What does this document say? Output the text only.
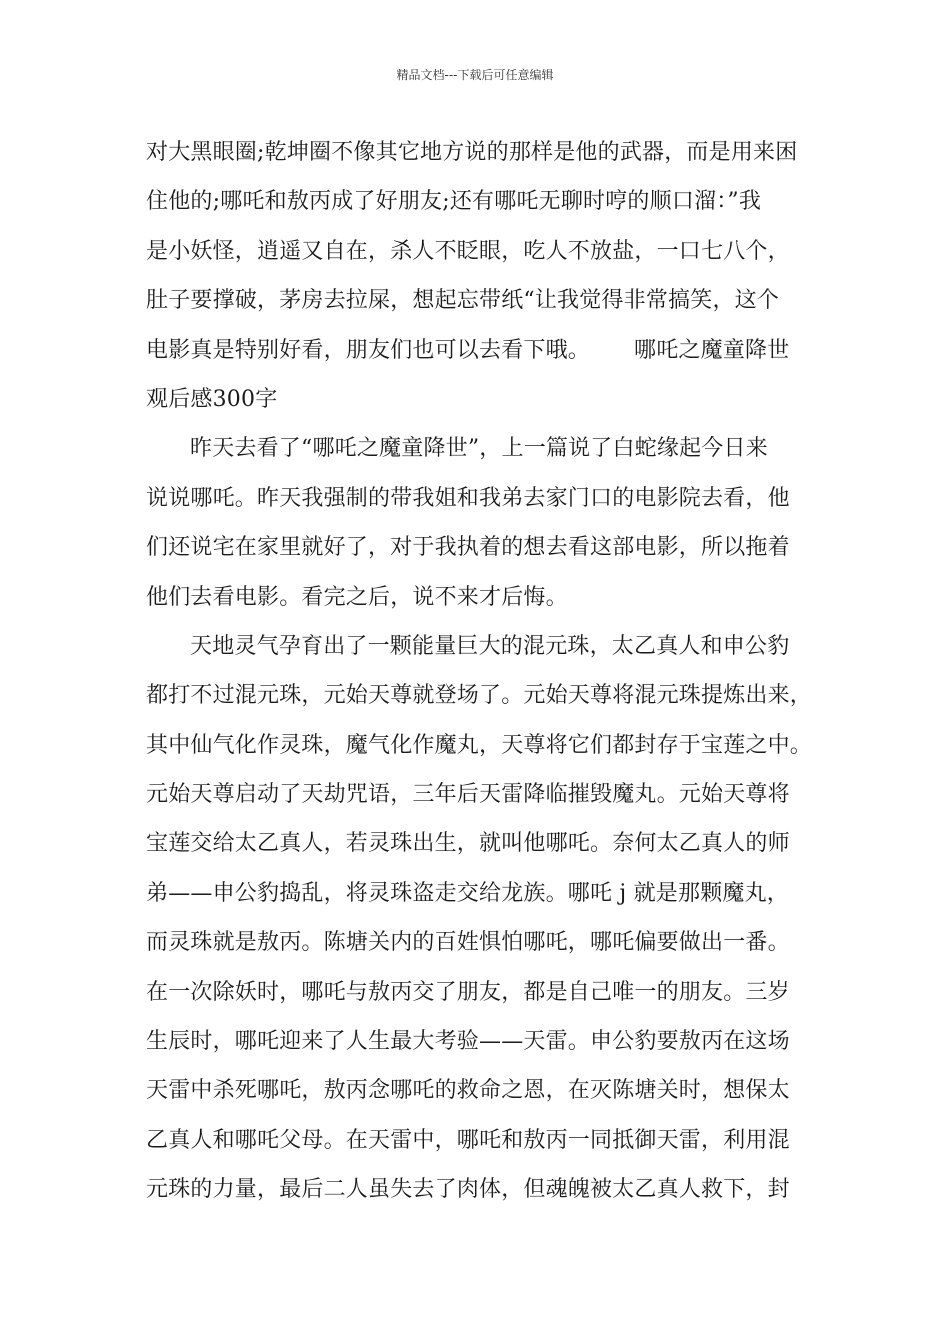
精品文档---下载后可任意编辑
对大黑眼圈;乾坤圈不像其它地方说的那样是他的武器，而是用来困
住他的;哪吒和敖丙成了好朋友;还有哪吒无聊时哼的顺口溜：”我
是小妖怪，逍遥又自在，杀人不眨眼，吃人不放盐，一口七八个，
肚子要撑破，茅房去拉屎，想起忘带纸“让我觉得非常搞笑，这个
电影真是特别好看，朋友们也可以去看下哦。 哪吒之魔童降世
观后感300字
昨天去看了“哪吒之魔童降世”，上一篇说了白蛇缘起今日来
说说哪吒。昨天我强制的带我姐和我弟去家门口的电影院去看，他
们还说宅在家里就好了，对于我执着的想去看这部电影，所以拖着
他们去看电影。看完之后，说不来才后悔。
天地灵气孕育出了一颗能量巨大的混元珠，太乙真人和申公豹
都打不过混元珠，元始天尊就登场了。元始天尊将混元珠提炼出来，
其中仙气化作灵珠，魔气化作魔丸，天尊将它们都封存于宝莲之中。
元始天尊启动了天劫咒语，三年后天雷降临摧毁魔丸。元始天尊将
宝莲交给太乙真人，若灵珠出生，就叫他哪吒。奈何太乙真人的师
弟——申公豹捣乱，将灵珠盗走交给龙族。哪吒 j 就是那颗魔丸，
而灵珠就是敖丙。陈塘关内的百姓惧怕哪吒，哪吒偏要做出一番。
在一次除妖时，哪吒与敖丙交了朋友，都是自己唯一的朋友。三岁
生辰时，哪吒迎来了人生最大考验——天雷。申公豹要敖丙在这场
天雷中杀死哪吒，敖丙念哪吒的救命之恩，在灭陈塘关时，想保太
乙真人和哪吒父母。在天雷中，哪吒和敖丙一同抵御天雷，利用混
元珠的力量，最后二人虽失去了肉体，但魂魄被太乙真人救下，封
